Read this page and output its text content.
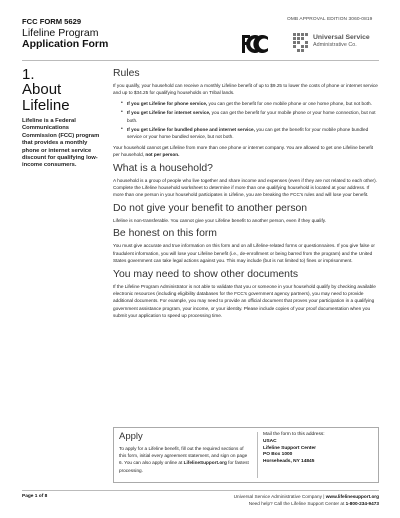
FCC FORM 5629	OMB APPROVAL EDITION 3060-0819
Lifeline Program
Application Form
Universal Service
Administrative Co.
1.
About
Lifeline
Lifeline is a Federal Communications Commission (FCC) program that provides a monthly phone or internet service discount for qualifying low-income consumers.
Rules

If you qualify, your household can receive a monthly Lifeline benefit of up to $9.25 to lower the costs of phone or internet service and up to $34.25 for qualifying households on Tribal lands.

• If you get Lifeline for phone service, you can get the benefit for one mobile phone or one home phone, but not both.
• If you get Lifeline for internet service, you can get the benefit for your mobile phone or your home connection, but not both.
• If you get Lifeline for bundled phone and internet service, you can get the benefit for your mobile phone bundled service or your home bundled service, but not both.

Your household cannot get Lifeline from more than one phone or internet company. You are allowed to get one Lifeline benefit per household, not per person.

What is a household?

A household is a group of people who live together and share income and expenses (even if they are not related to each other). Complete the Lifeline household worksheet to determine if more than one qualifying household is located at your address. If more than one person in your household participates in Lifeline, you are breaking the FCC's rules and will lose your benefit.

Do not give your benefit to another person

Lifeline is non-transferable. You cannot give your Lifeline benefit to another person, even if they qualify.

Be honest on this form

You must give accurate and true information on this form and on all Lifeline-related forms or questionnaires. If you give false or fraudulent information, you will lose your Lifeline benefit (i.e., de-enrollment or being barred from the program) and the United States government can take legal actions against you. This may include (but is not limited to) fines or imprisonment.

You may need to show other documents

If the Lifeline Program Administrator is not able to validate that you or someone in your household qualify by checking available electronic resources (including eligibility databases for the FCC's government agency partners), you may need to provide additional documents. For example, you may need to provide an official document that proves your participation in a qualifying government assistance program, your income, or your identity. Please include copies of your proof documentation when you submit your application to speed up processing time.

Apply
To apply for a Lifeline benefit, fill out the required sections of this form, initial every agreement statement, and sign on page 6. You can also apply online at LifelineSupport.org for fastest processing.
Mail the form to this address:
USAC
Lifeline Support Center
PO Box 1000
Horseheads, NY 14845
Page 1 of 8	Universal Service Administrative Company | www.lifelinesupport.org
Need help? Call the Lifeline Support Center at 1-800-234-9473
